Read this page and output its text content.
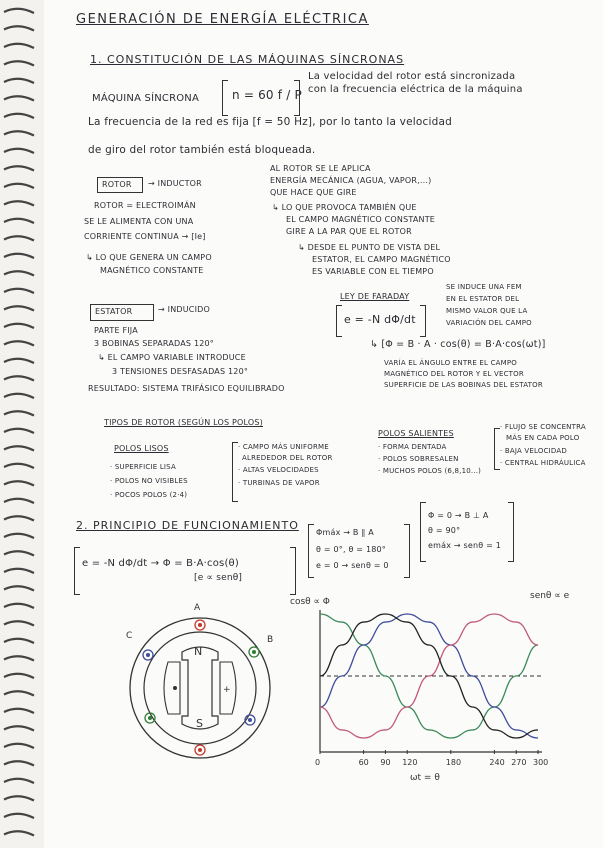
GENERACIÓN DE ENERGÍA ELÉCTRICA
1. CONSTITUCIÓN DE LAS MÁQUINAS SÍNCRONAS
MÁQUINA SÍNCRONA	n = 60 f / P
La velocidad del rotor está sincronizada
con la frecuencia eléctrica de la máquina
La frecuencia de la red es fija [f = 50 Hz], por lo tanto la velocidad
de giro del rotor también está bloqueada.
ROTOR → INDUCTOR
ROTOR = ELECTROIMÁN
SE LE ALIMENTA CON UNA
CORRIENTE CONTINUA → [Ie]
↳ LO QUE GENERA UN CAMPO
MAGNÉTICO CONSTANTE
AL ROTOR SE LE APLICA
ENERGÍA MECÁNICA (AGUA, VAPOR,...)
QUE HACE QUE GIRE
↳ LO QUE PROVOCA TAMBIÉN QUE
EL CAMPO MAGNÉTICO CONSTANTE
GIRE A LA PAR QUE EL ROTOR
↳ DESDE EL PUNTO DE VISTA DEL
ESTATOR, EL CAMPO MAGNÉTICO
ES VARIABLE CON EL TIEMPO
ESTATOR	→ INDUCIDO
PARTE FIJA
3 BOBINAS SEPARADAS 120°
↳ EL CAMPO VARIABLE INTRODUCE
3 TENSIONES DESFASADAS 120°
RESULTADO: SISTEMA TRIFÁSICO EQUILIBRADO
LEY DE FARADAY
e = -N dΦ/dt
SE INDUCE UNA FEM
EN EL ESTATOR DEL
MISMO VALOR QUE LA
VARIACIÓN DEL CAMPO
↳ [Φ = B · A · cos(θ) = B·A·cos(ωt)]
VARÍA EL ÁNGULO ENTRE EL CAMPO
MAGNÉTICO DEL ROTOR Y EL VECTOR
SUPERFICIE DE LAS BOBINAS DEL ESTATOR
TIPOS DE ROTOR (SEGÚN LOS POLOS)
POLOS LISOS
· SUPERFICIE LISA
· POLOS NO VISIBLES
· POCOS POLOS (2·4)
· CAMPO MÁS UNIFORME
ALREDEDOR DEL ROTOR
· ALTAS VELOCIDADES
· TURBINAS DE VAPOR
POLOS SALIENTES
· FORMA DENTADA
· POLOS SOBRESALEN
· MUCHOS POLOS (6,8,10...)
· FLUJO SE CONCENTRA
MÁS EN CADA POLO
· BAJA VELOCIDAD
· CENTRAL HIDRÁULICA
2. PRINCIPIO DE FUNCIONAMIENTO
e = -N dΦ/dt → Φ = B·A·cos(θ)
[e ∝ senθ]
Φmáx → B ∥ A
θ = 0°, θ = 180°
e = 0 → senθ = 0
Φ = 0 → B ⊥ A
θ = 90°
emáx → senθ = 1
+
N
S
A
B
C
cosθ ∝ Φ
senθ ∝ e
ωt = θ
0	60 90 120	180	240 270 300
